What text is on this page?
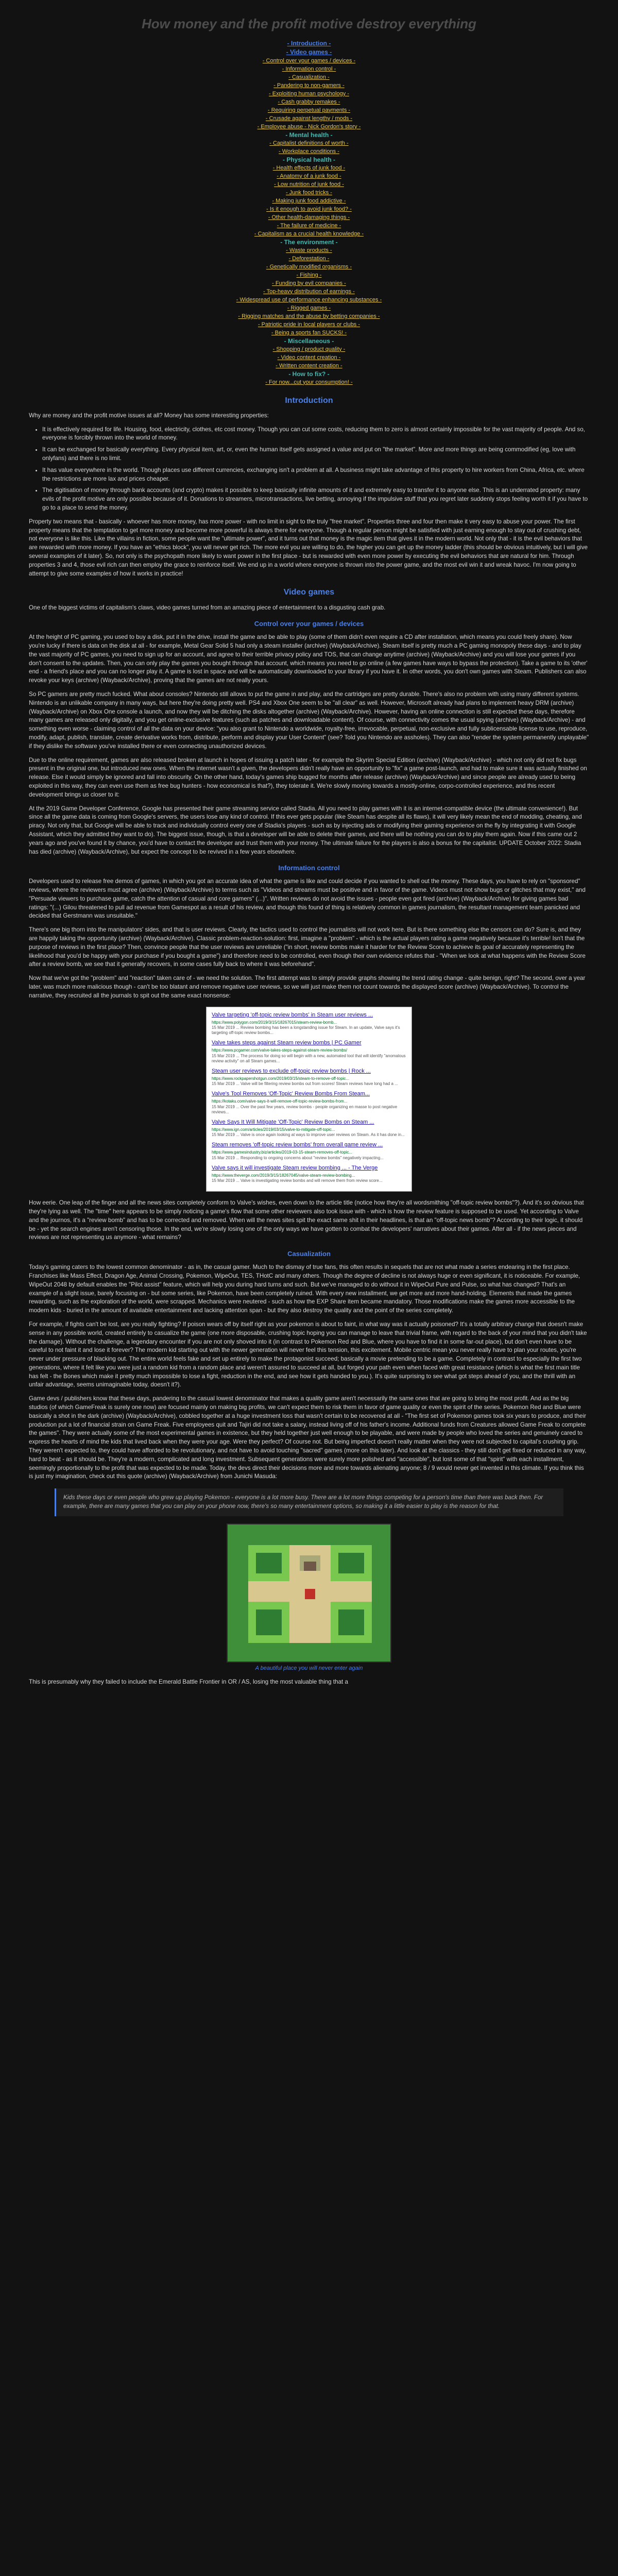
How money and the profit motive destroy everything
- Introduction -
- Video games -
- Control over your games / devices -
- Information control -
- Casualization -
- Pandering to non-gamers -
- Exploiting human psychology -
- Cash grabby remakes -
- Requiring perpetual payments -
- Crusade against lengthy / mods -
- Employee abuse - Nick Gordon's story -
- Mental health -
- Capitalist definitions of worth -
- Workplace conditions -
- Physical health -
- Health effects of junk food -
- Anatomy of a junk food -
- Low nutrition of junk food -
- Junk food tricks -
- Making junk food addictive -
- Is it enough to avoid junk food? -
- Other health-damaging things -
- The failure of medicine -
- Capitalism as a crucial health knowledge -
- The environment -
- Waste products -
- Deforestation -
- Genetically modified organisms -
- Fishing -
- Funding by evil companies -
- Top-heavy distribution of earnings -
- Widespread use of performance enhancing substances -
- Rigged games -
- Rigging matches and the abuse by betting companies -
- Patriotic pride in local players or clubs -
- Being a sports fan SUCKS! -
- Miscellaneous -
- Shopping / product quality -
- Video content creation -
- Written content creation -
- How to fix? -
- For now...cut your consumption! -
Introduction

Why are money and the profit motive issues at all? Money has some interesting properties:

• It is effectively required for life. Housing, food, electricity, clothes, etc cost money. Though you can cut some costs, reducing them to zero is almost certainly impossible for the vast majority of people. And so, everyone is forcibly thrown into the world of money.
• It can be exchanged for basically everything. Every physical item, art, or, even the human itself gets assigned a value and put on "the market". More and more things are being commodified (eg, love with onlyfans) and there is no limit.
• It has value everywhere in the world. Though places use different currencies, exchanging isn't a problem at all. A business might take advantage of this property to hire workers from China, Africa, etc. where the restrictions are more lax and prices cheaper.
• The digitisation of money through bank accounts (and crypto) makes it possible to keep basically infinite amounts of it and extremely easy to transfer it to anyone else. This is an underrated property: many evils of the profit motive are only possible because of it. Donations to streamers, microtransactions, live betting, annoying if the impulsive stuff that you regret later suddenly stops feeling worth it if you have to go to a place to send the money.

Property two means that - basically - whoever has more money, has more power - with no limit in sight to the truly "free market". Properties three and four then make it very easy to abuse your power. The first property means that the temptation to get more money and become more powerful is always there for everyone. Though a regular person might be satisfied with just earning enough to stay out of crushing debt, not everyone is like this. Like the villains in fiction, some people want the "ultimate power", and it turns out that money is the magic item that gives it in the modern world. Not only that - it is the evil behaviors that are rewarded with more money. If you have an "ethics block", you will never get rich. The more evil you are willing to do, the higher you can get up the money ladder (this should be obvious intuitively, but I will give several examples of it later). So, not only is the psychopath more likely to want power in the first place - but is rewarded with even more power by executing the evil behaviors that are natural for him. Through properties 3 and 4, those evil rich can then employ the grace to reinforce itself. We end up in a world where everyone is thrown into the power game, and the most evil win it and wreak havoc. I'm now going to attempt to give some examples of how it works in practice!

Video games

One of the biggest victims of capitalism's claws, video games turned from an amazing piece of entertainment to a disgusting cash grab.

Control over your games / devices

At the height of PC gaming, you used to buy a disk, put it in the drive, install the game and be able to play (some of them didn't even require a CD after installation, which means you could freely share). Now you're lucky if there is data on the disk at all - for example, Metal Gear Solid 5 had only a steam installer (archive) (Wayback/Archive). Steam itself is pretty much a PC gaming monopoly these days - and to play the vast majority of PC games, you need to sign up for an account, and agree to their terrible privacy policy and TOS, that can change anytime (archive) (Wayback/Archive) and you will lose your games if you don't consent to the updates. Then, you can only play the games you bought through that account, which means you need to go online (a few games have ways to bypass the protection). Take a game to its 'other' end - a friend's place and you can no longer play it. A game is lost in space and will be automatically downloaded to your library if you have it. In other words, you don't own games with Steam. Publishers can also revoke your keys (archive) (Wayback/Archive), proving that the games are not really yours.

So PC gamers are pretty much fucked. What about consoles? Nintendo still allows to put the game in and play, and the cartridges are pretty durable. There's also no problem with using many different systems. Nintendo is an unlikable company in many ways, but here they're doing pretty well. PS4 and Xbox One seem to be "all clear" as well. However, Microsoft already had plans to implement heavy DRM (archive) (Wayback/Archive) on Xbox One console a launch, and now they will be ditching the disks altogether (archive) (Wayback/Archive). However, having an online connection is still expected these days, therefore many games are released only digitally, and you get online-exclusive features (such as patches and downloadable content). Of course, with connectivity comes the usual spying (archive) (Wayback/Archive) - and something even worse - claiming control of all the data on your device: "you also grant to Nintendo a worldwide, royalty-free, irrevocable, perpetual, non-exclusive and fully sublicensable license to use, reproduce, modify, adapt, publish, translate, create derivative works from, distribute, perform and display your User Content" (see? Told you Nintendo are assholes). They can also "render the system permanently unplayable" if they dislike the software you've installed there or even connecting unauthorized devices.

Due to the online requirement, games are also released broken at launch in hopes of issuing a patch later - for example the Skyrim Special Edition (archive) (Wayback/Archive) - which not only did not fix bugs present in the original one, but introduced new ones. When the internet wasn't a given, the developers didn't really have an opportunity to "fix" a game post-launch, and had to make sure it was actually finished on release. Else it would simply be ignored and fall into obscurity. On the other hand, today's games ship bugged for months after release (archive) (Wayback/Archive) and since people are already used to being exploited in this way, they can even use them as free bug hunters - how economical is that?), they tolerate it. We're slowly moving towards a mostly-online, corpo-controlled experience, and this recent development brings us closer to it:

At the 2019 Game Developer Conference, Google has presented their game streaming service called Stadia. All you need to play games with it is an internet-compatible device (the ultimate convenience!). But since all the game data is coming from Google's servers, the users lose any kind of control. If this ever gets popular (like Steam has despite all its flaws), it will very likely mean the end of modding, cheating, and piracy. Not only that, but Google will be able to track and individually control every one of Stadia's players - such as by injecting ads or modifying their gaming experience on the fly by integrating it with Google Assistant, which they admitted they want to do). The biggest issue, though, is that a developer will be able to delete their games, and there will be nothing you can do to play them again. Now if this came out 2 years ago and you've found it by chance, you'd have to contact the developer and trust them with your money. The ultimate failure for the players is also a bonus for the capitalist. UPDATE October 2022: Stadia has died (archive) (Wayback/Archive), but expect the concept to be revived in a few years elsewhere.

Information control

Developers used to release free demos of games, in which you got an accurate idea of what the game is like and could decide if you wanted to shell out the money. These days, you have to rely on "sponsored" reviews, where the reviewers must agree (archive) (Wayback/Archive) to terms such as "Videos and streams must be positive and in favor of the game. Videos must not show bugs or glitches that may exist," and "Persuade viewers to purchase game, catch the attention of casual and core gamers" (...)". Written reviews do not avoid the issues - people even got fired (archive) (Wayback/Archive) for giving games bad ratings: "(...) Gilou threatened to pull ad revenue from Gamespot as a result of his review, and though this found of thing is relatively common in games journalism, the resultant management team panicked and decided that Gerstmann was unsuitable."

There's one big thorn into the manipulators' sides, and that is user reviews. Clearly, the tactics used to control the journalists will not work here. But is there something else the censors can do? Sure is, and they are happily taking the opportunity (archive) (Wayback/Archive). Classic problem-reaction-solution: first, imagine a "problem" - which is the actual players rating a game negatively because it's terrible! Isn't that the purpose of reviews in the first place? Then, convince people that the user reviews are unreliable ("in short, review bombs make it harder for the Review Score to achieve its goal of accurately representing the likelihood that you'd be happy with your purchase if you bought a game") and therefore need to be controlled, even though their own evidence refutes that - "When we look at what happens with the Review Score after a review bomb, we see that it generally recovers, in some cases fully back to where it was beforehand".

Now that we've got the "problem" and "reaction" taken care of - we need the solution. The first attempt was to simply provide graphs showing the trend rating change - quite benign, right? The second, over a year later, was much more malicious though - can't be too blatant and remove negative user reviews, so we will just make them not count towards the displayed score (archive) (Wayback/Archive). To control the narrative, they recruited all the journals to spit out the same exact nonsense:

Valve targeting 'off-topic review bombs' in Steam user reviews ...
https://www.polygon.com/2019/3/15/18267015/steam-review-bomb...
15 Mar 2019 ... Review bombing has been a longstanding issue for Steam. In an update, Valve says it's targeting off-topic review bombs...
Valve takes steps against Steam review bombs | PC Gamer
https://www.pcgamer.com/valve-takes-steps-against-steam-review-bombs/
15 Mar 2019 ... The process for doing so will begin with a new, automated tool that will identify "anomalous review activity" on all Steam games...
Steam user reviews to exclude off-topic review bombs | Rock ...
https://www.rockpapershotgun.com/2019/03/15/steam-to-remove-off-topic...
15 Mar 2019 ... Valve will be filtering review bombs out from scores! Steam reviews have long had a ...
Valve's Tool Removes 'Off-Topic' Review Bombs From Steam...
https://kotaku.com/valve-says-it-will-remove-off-topic-review-bombs-from...
15 Mar 2019 ... Over the past few years, review bombs - people organizing en masse to post negative reviews...
Valve Says It Will Mitigate 'Off-Topic' Review Bombs on Steam ...
https://www.ign.com/articles/2019/03/15/valve-to-mitigate-off-topic...
15 Mar 2019 ... Valve is once again looking at ways to improve user reviews on Steam. As it has done in...
Steam removes 'off-topic review bombs' from overall game review ...
https://www.gamesindustry.biz/articles/2019-03-15-steam-removes-off-topic...
15 Mar 2019 ... Responding to ongoing concerns about "review bombs" negatively impacting...
Valve says it will investigate Steam review bombing ... - The Verge
https://www.theverge.com/2019/3/15/18267045/valve-steam-review-bombing...
15 Mar 2019 ... Valve is investigating review bombs and will remove them from review score...

How eerie. One leap of the finger and all the news sites completely conform to Valve's wishes, even down to the article title (notice how they're all wordsmithing "off-topic review bombs"?). And it's so obvious that they're lying as well. The "time" here appears to be simply noticing a game's flow that some other reviewers also took issue with - which is how the review feature is supposed to be used. Yet according to Valve and the journos, it's a "review bomb" and has to be corrected and removed. When will the news sites spit the exact same shit in their headlines, is that an "off-topic news bomb"? According to their logic, it should be - yet the search engines aren't censoring those. In the end, we're slowly losing one of the only ways we have gotten to combat the developers' narratives about their games. After all - if the news pieces and reviews are not representing us anymore - what remains?

Casualization

Today's gaming caters to the lowest common denominator - as in, the casual gamer. Much to the dismay of true fans, this often results in sequels that are not what made a series endearing in the first place. Franchises like Mass Effect, Dragon Age, Animal Crossing, Pokemon, WipeOut, TES, THotC and many others. Though the degree of decline is not always huge or even significant, it is noticeable. For example, WipeOut 2048 by default enables the "Pilot assist" feature, which will help you during hard turns and such. But we've managed to do without it in WipeOut Pure and Pulse, so what has changed? That's an example of a slight issue, barely focusing on - but some series, like Pokemon, have been completely ruined. With every new installment, we get more and more hand-holding. Elements that made the games rewarding, such as the exploration of the world, were scrapped. Mechanics were neutered - such as how the EXP Share item became mandatory. Those modifications make the games more accessible to the modern kids - buried in the amount of available entertainment and lacking attention span - but they also destroy the quality and the point of the series completely.

For example, if fights can't be lost, are you really fighting? If poison wears off by itself right as your pokemon is about to faint, in what way was it actually poisoned? It's a totally arbitrary change that doesn't make sense in any possible world, created entirely to casualize the game (one more disposable, crushing topic hoping you can manage to leave that trivial frame, with regard to the back of your mind that you didn't take the damage). Without the challenge, a legendary encounter if you are not only shoved into it (in contrast to Pokemon Red and Blue, where you have to find it in some far-out place), but don't even have to be careful to not faint it and lose it forever? The modern kid starting out with the newer generation will never feel this tension, this excitement. Mobile centric mean you never really have to plan your routes, you're never under pressure of blacking out. The entire world feels fake and set up entirely to make the protagonist succeed; basically a movie pretending to be a game. Completely in contrast to especially the first two generations, where it felt like you were just a random kid from a random place and weren't assured to succeed at all, but forged your path even when faced with great resistance (which is what the first main title has felt - the Bones which make it pretty much impossible to lose a fight, reduction in the end, and see how it gets handed to you.). It's quite surprising to see what got steps ahead of you, and the thrill with an unfair advantage, seems unimaginable today, doesn't it?).

Game devs / publishers know that these days, pandering to the casual lowest denominator that makes a quality game aren't necessarily the same ones that are going to bring the most profit. And as the big studios (of which GameFreak is surely one now) are focused mainly on making big profits, we can't expect them to risk them in favor of game quality or even the spirit of the series. Pokemon Red and Blue were basically a shot in the dark (archive) (Wayback/Archive), cobbled together at a huge investment loss that wasn't certain to be recovered at all - "The first set of Pokemon games took six years to produce, and their production put a lot of financial strain on Game Freak. Five employees quit and Tajiri did not take a salary, instead living off of his father's income. Additional funds from Creatures allowed Game Freak to complete the games". They were actually some of the most experimental games in existence, but they held together just well enough to be playable, and were made by people who loved the series and genuinely cared to express the hearts of mind the kids that lived back when they were your age. Were they perfect? Of course not. But being imperfect doesn't really matter when they were not subjected to capital's crushing grip. They weren't expected to, they could have afforded to be revolutionary, and not have to avoid touching "sacred" games (more on this later). And look at the classics - they still don't get fixed or reduced in any way, hard to beat - as it should be. They're a modern, complicated and long investment. Subsequent generations were surely more polished and "accessible", but lost some of that "spirit" with each installment, seemingly proportionally to the profit that was expected to be made. Today, the devs direct their decisions more and more towards alienating anyone; 8 / 9 would never get invented in this climate. If you think this is just my imagination, check out this quote (archive) (Wayback/Archive) from Junichi Masuda:

Kids these days or even people who grew up playing Pokemon - everyone is a lot more busy. There are a lot more things competing for a person's time than there was back then. For example, there are many games that you can play on your phone now, there's so many entertainment options, so making it a little easier to play is the reason for that.
A beautiful place you will never enter again

This is presumably why they failed to include the Emerald Battle Frontier in OR / AS, losing the most valuable thing that a
